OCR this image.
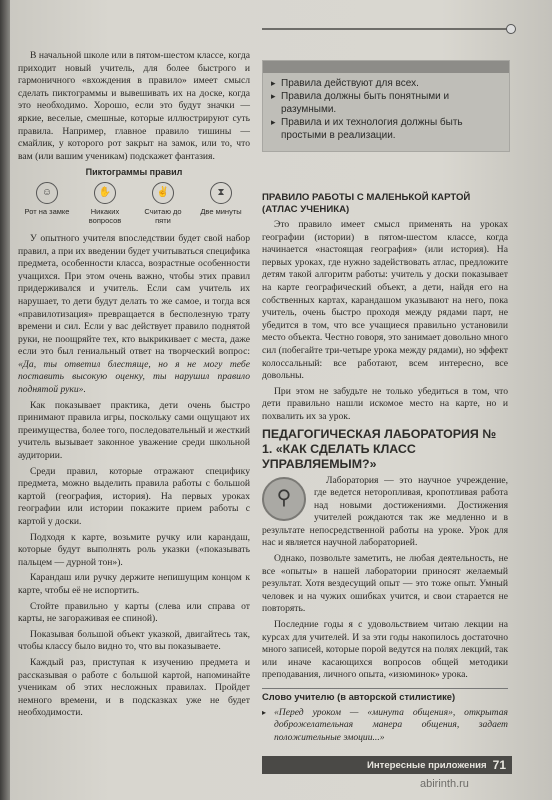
В начальной школе или в пятом-шестом классе, когда приходит новый учитель, для более быстрого и гармоничного «вхождения в правило» имеет смысл сделать пиктограммы и вывешивать их на доске, когда это необходимо. Хорошо, если это будут значки — яркие, веселые, смешные, которые иллюстрируют суть правила. Например, главное правило тишины — смайлик, у которого рот закрыт на замок, или то, что вам (или вашим ученикам) подскажет фантазия.

Пиктограммы правил

☺
Рот на замке
✋
Никаких вопросов
✌
Считаю до пяти
⧗
Две минуты

У опытного учителя впоследствии будет свой набор правил, а при их введении будет учитываться специфика предмета, особенности класса, возрастные особенности учащихся. При этом очень важно, чтобы этих правил придерживался и учитель. Если сам учитель их нарушает, то дети будут делать то же самое, и тогда вся «правилотизация» превращается в бесполезную трату времени и сил. Если у вас действует правило поднятой руки, не поощряйте тех, кто выкрикивает с места, даже если это был гениальный ответ на творческий вопрос: «Да, ты ответил блестяще, но я не могу тебе поставить высокую оценку, ты нарушил правило поднятой руки».

Как показывает практика, дети очень быстро принимают правила игры, поскольку сами ощущают их преимущества, более того, последовательный и жесткий учитель вызывает законное уважение среди школьной аудитории.

Среди правил, которые отражают специфику предмета, можно выделить правила работы с большой картой (география, история). На первых уроках географии или истории покажите прием работы с картой у доски.

Подходя к карте, возьмите ручку или карандаш, которые будут выполнять роль указки («показывать пальцем — дурной тон»).

Карандаш или ручку держите непишущим концом к карте, чтобы её не испортить.

Стойте правильно у карты (слева или справа от карты, не загораживая ее спиной).

Показывая большой объект указкой, двигайтесь так, чтобы классу было видно то, что вы показываете.

Каждый раз, приступая к изучению предмета и рассказывая о работе с большой картой, напоминайте ученикам об этих несложных правилах. Пройдет немного времени, и в подсказках уже не будет необходимости.

▸ Правила действуют для всех.
▸ Правила должны быть понятными и разумными.
▸ Правила и их технология должны быть простыми в реализации.

ПРАВИЛО РАБОТЫ С МАЛЕНЬКОЙ КАРТОЙ (АТЛАС УЧЕНИКА)

Это правило имеет смысл применять на уроках географии (истории) в пятом-шестом классе, когда начинается «настоящая география» (или история). На первых уроках, где нужно задействовать атлас, предложите детям такой алгоритм работы: учитель у доски показывает на карте географический объект, а дети, найдя его на собственных картах, карандашом указывают на него, пока учитель, очень быстро проходя между рядами парт, не убедится в том, что все учащиеся правильно установили место объекта. Честно говоря, это занимает довольно много сил (побегайте три-четыре урока между рядами), но эффект колоссальный: все работают, всем интересно, все довольны.

При этом не забудьте не только убедиться в том, что дети правильно нашли искомое место на карте, но и похвалить их за урок.

ПЕДАГОГИЧЕСКАЯ ЛАБОРАТОРИЯ № 1. «КАК СДЕЛАТЬ КЛАСС УПРАВЛЯЕМЫМ?»

⚲

Лаборатория — это научное учреждение, где ведется неторопливая, кропотливая работа над новыми достижениями. Достижения учителей рождаются так же медленно и в результате непосредственной работы на уроке. Урок для нас и является научной лабораторией.

Однако, позвольте заметить, не любая деятельность, не все «опыты» в нашей лаборатории приносят желаемый результат. Хотя вездесущий опыт — это тоже опыт. Умный человек и на чужих ошибках учится, и свои старается не повторять.

Последние годы я с удовольствием читаю лекции на курсах для учителей. И за эти годы накопилось достаточно много записей, которые порой ведутся на полях лекций, так или иначе касающихся вопросов общей методики преподавания, личного опыта, «изюминок» урока.

Слово учителю (в авторской стилистике)

▸ «Перед уроком — «минута общения», открытая доброжелательная манера общения, задает положительные эмоции...»

Интересные приложения 71
abirinth.ru
